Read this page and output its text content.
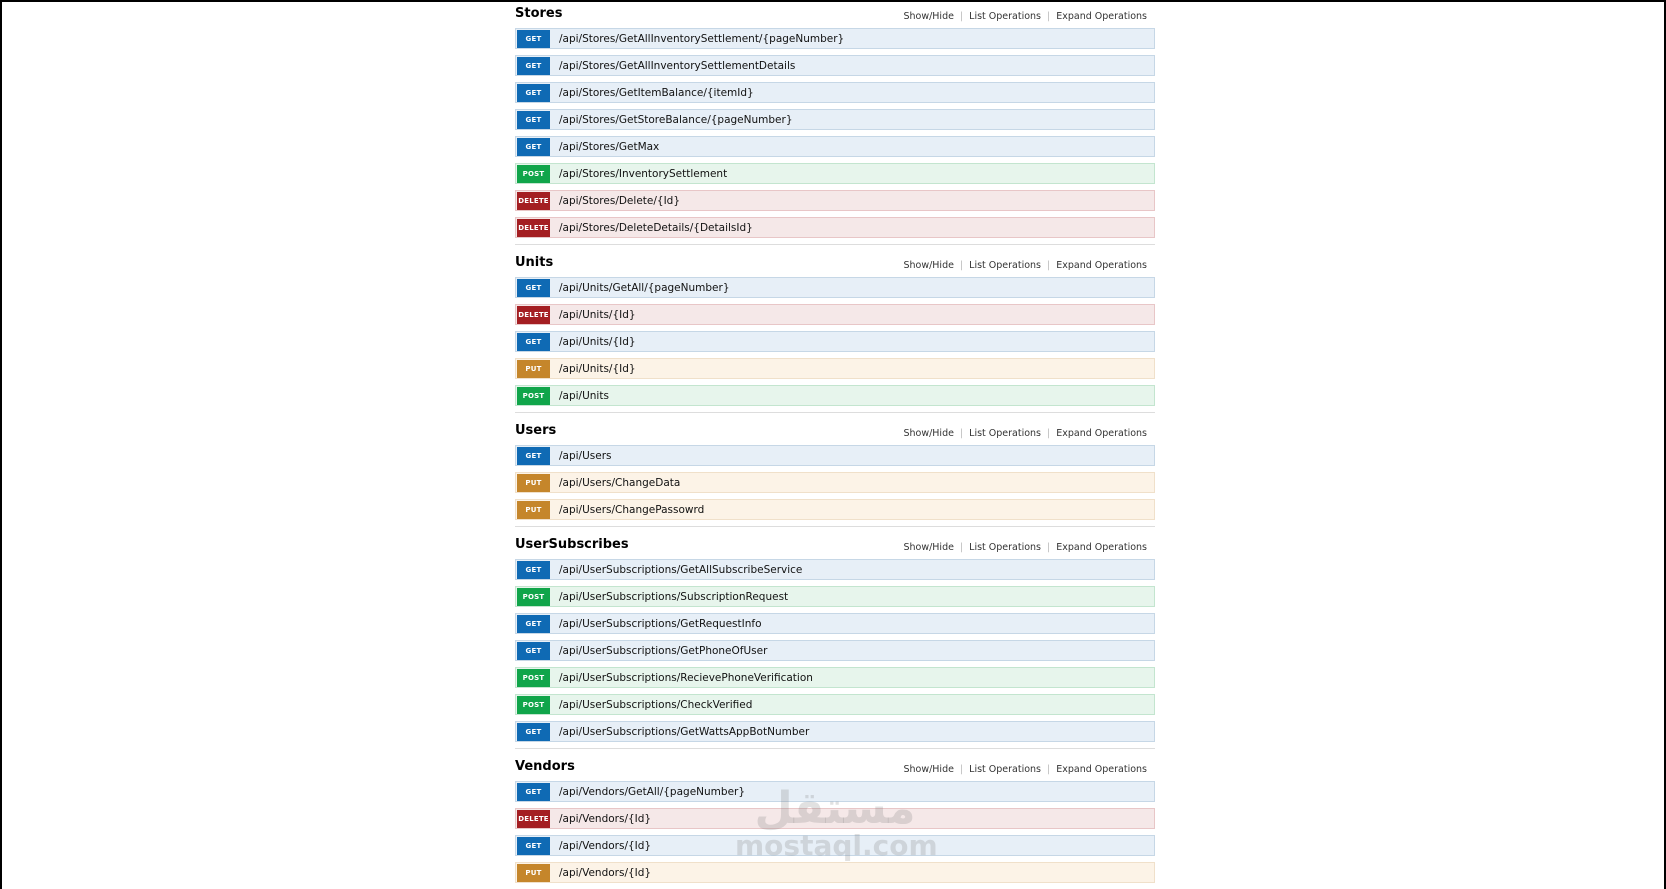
Stores	Show/Hide | List Operations | Expand Operations
GET	/api/Stores/GetAllInventorySettlement/{pageNumber}
GET	/api/Stores/GetAllInventorySettlementDetails
GET	/api/Stores/GetItemBalance/{itemId}
GET	/api/Stores/GetStoreBalance/{pageNumber}
GET	/api/Stores/GetMax
POST	/api/Stores/InventorySettlement
DELETE /api/Stores/Delete/{Id}
DELETE /api/Stores/DeleteDetails/{DetailsId}
Units	Show/Hide | List Operations | Expand Operations
GET	/api/Units/GetAll/{pageNumber}
DELETE /api/Units/{Id}
GET	/api/Units/{Id}
PUT	/api/Units/{Id}
POST	/api/Units
Users	Show/Hide | List Operations | Expand Operations
GET	/api/Users
PUT	/api/Users/ChangeData
PUT	/api/Users/ChangePassowrd
UserSubscribes	Show/Hide | List Operations | Expand Operations
GET	/api/UserSubscriptions/GetAllSubscribeService
POST	/api/UserSubscriptions/SubscriptionRequest
GET	/api/UserSubscriptions/GetRequestInfo
GET	/api/UserSubscriptions/GetPhoneOfUser
POST	/api/UserSubscriptions/RecievePhoneVerification
POST	/api/UserSubscriptions/CheckVerified
GET	/api/UserSubscriptions/GetWattsAppBotNumber
Vendors	Show/Hide | List Operations | Expand Operations
GET	/api/Vendors/GetAll/{pageNumber}
DELETE /api/Vendors/{Id}
GET	/api/Vendors/{Id}
PUT	/api/Vendors/{Id}
مستقل
mostaql.com
